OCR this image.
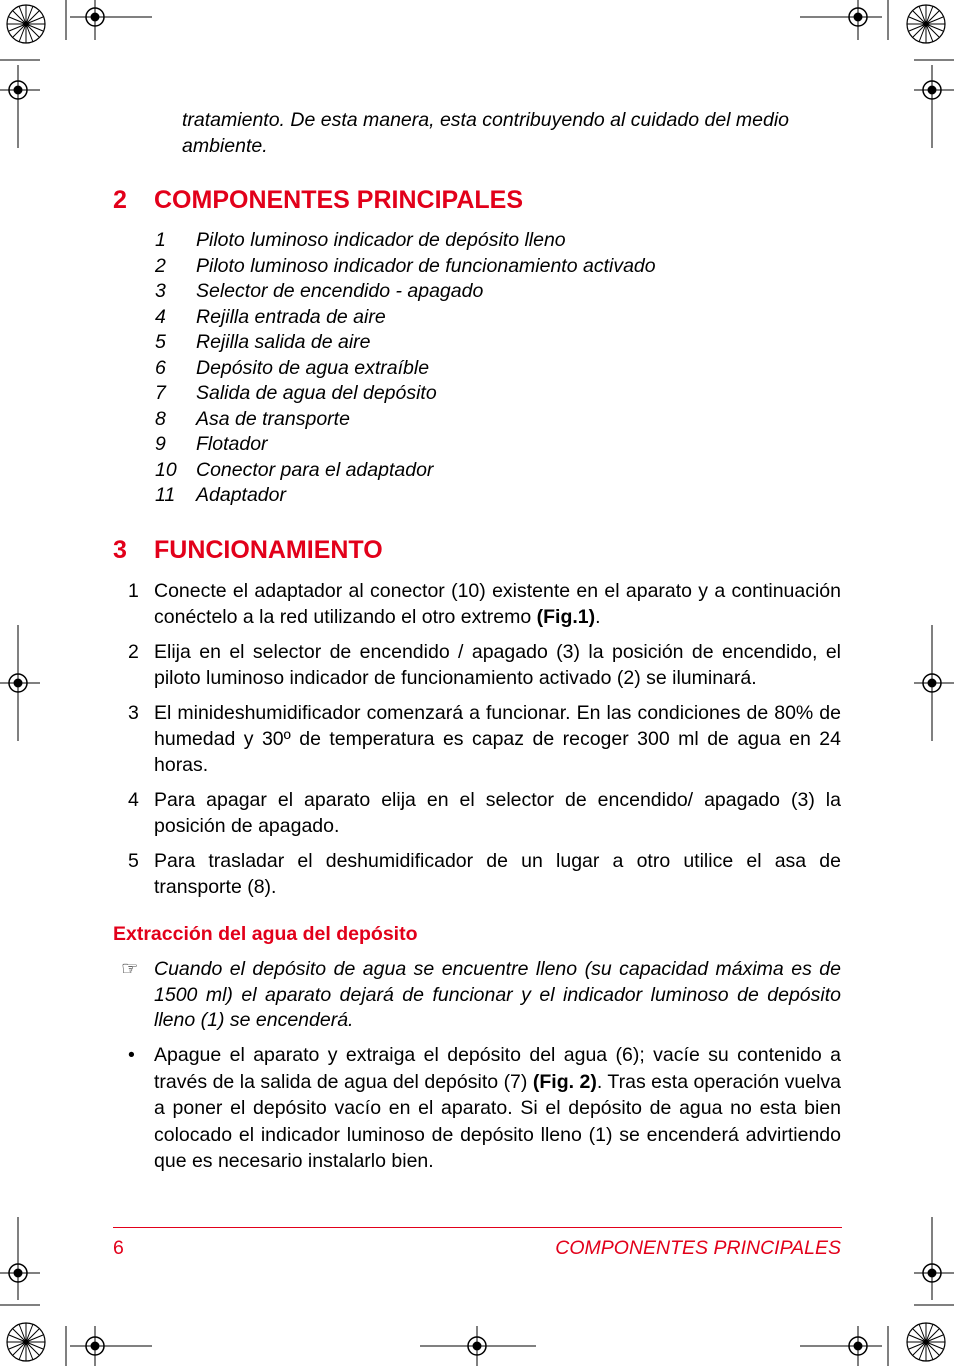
tratamiento. De esta manera, esta contribuyendo al cuidado del medio ambiente.
2 COMPONENTES PRINCIPALES
1 Piloto luminoso indicador de depósito lleno
2 Piloto luminoso indicador de funcionamiento activado
3 Selector de encendido - apagado
4 Rejilla entrada de aire
5 Rejilla salida de aire
6 Depósito de agua extraíble
7 Salida de agua del depósito
8 Asa de transporte
9 Flotador
10 Conector para el adaptador
11 Adaptador
3 FUNCIONAMIENTO
1 Conecte el adaptador al conector (10) existente en el aparato y a continuación conéctelo a la red utilizando el otro extremo (Fig.1).
2 Elija en el selector de encendido / apagado (3) la posición de encendido, el piloto luminoso indicador de funcionamiento activado (2) se iluminará.
3 El minideshumidificador comenzará a funcionar. En las condiciones de 80% de humedad y 30º de temperatura es capaz de recoger 300 ml de agua en 24 horas.
4 Para apagar el aparato elija en el selector de encendido/ apagado (3) la posición de apagado.
5 Para trasladar el deshumidificador de un lugar a otro utilice el asa de transporte (8).
Extracción del agua del depósito
☞ Cuando el depósito de agua se encuentre lleno (su capacidad máxima es de 1500 ml) el aparato dejará de funcionar y el indicador luminoso de depósito lleno (1) se encenderá.
• Apague el aparato y extraiga el depósito del agua (6); vacíe su contenido a través de la salida de agua del depósito (7) (Fig. 2). Tras esta operación vuelva a poner el depósito vacío en el aparato. Si el depósito de agua no esta bien colocado el indicador luminoso de depósito lleno (1) se encenderá advirtiendo que es necesario instalarlo bien.
6	COMPONENTES PRINCIPALES
